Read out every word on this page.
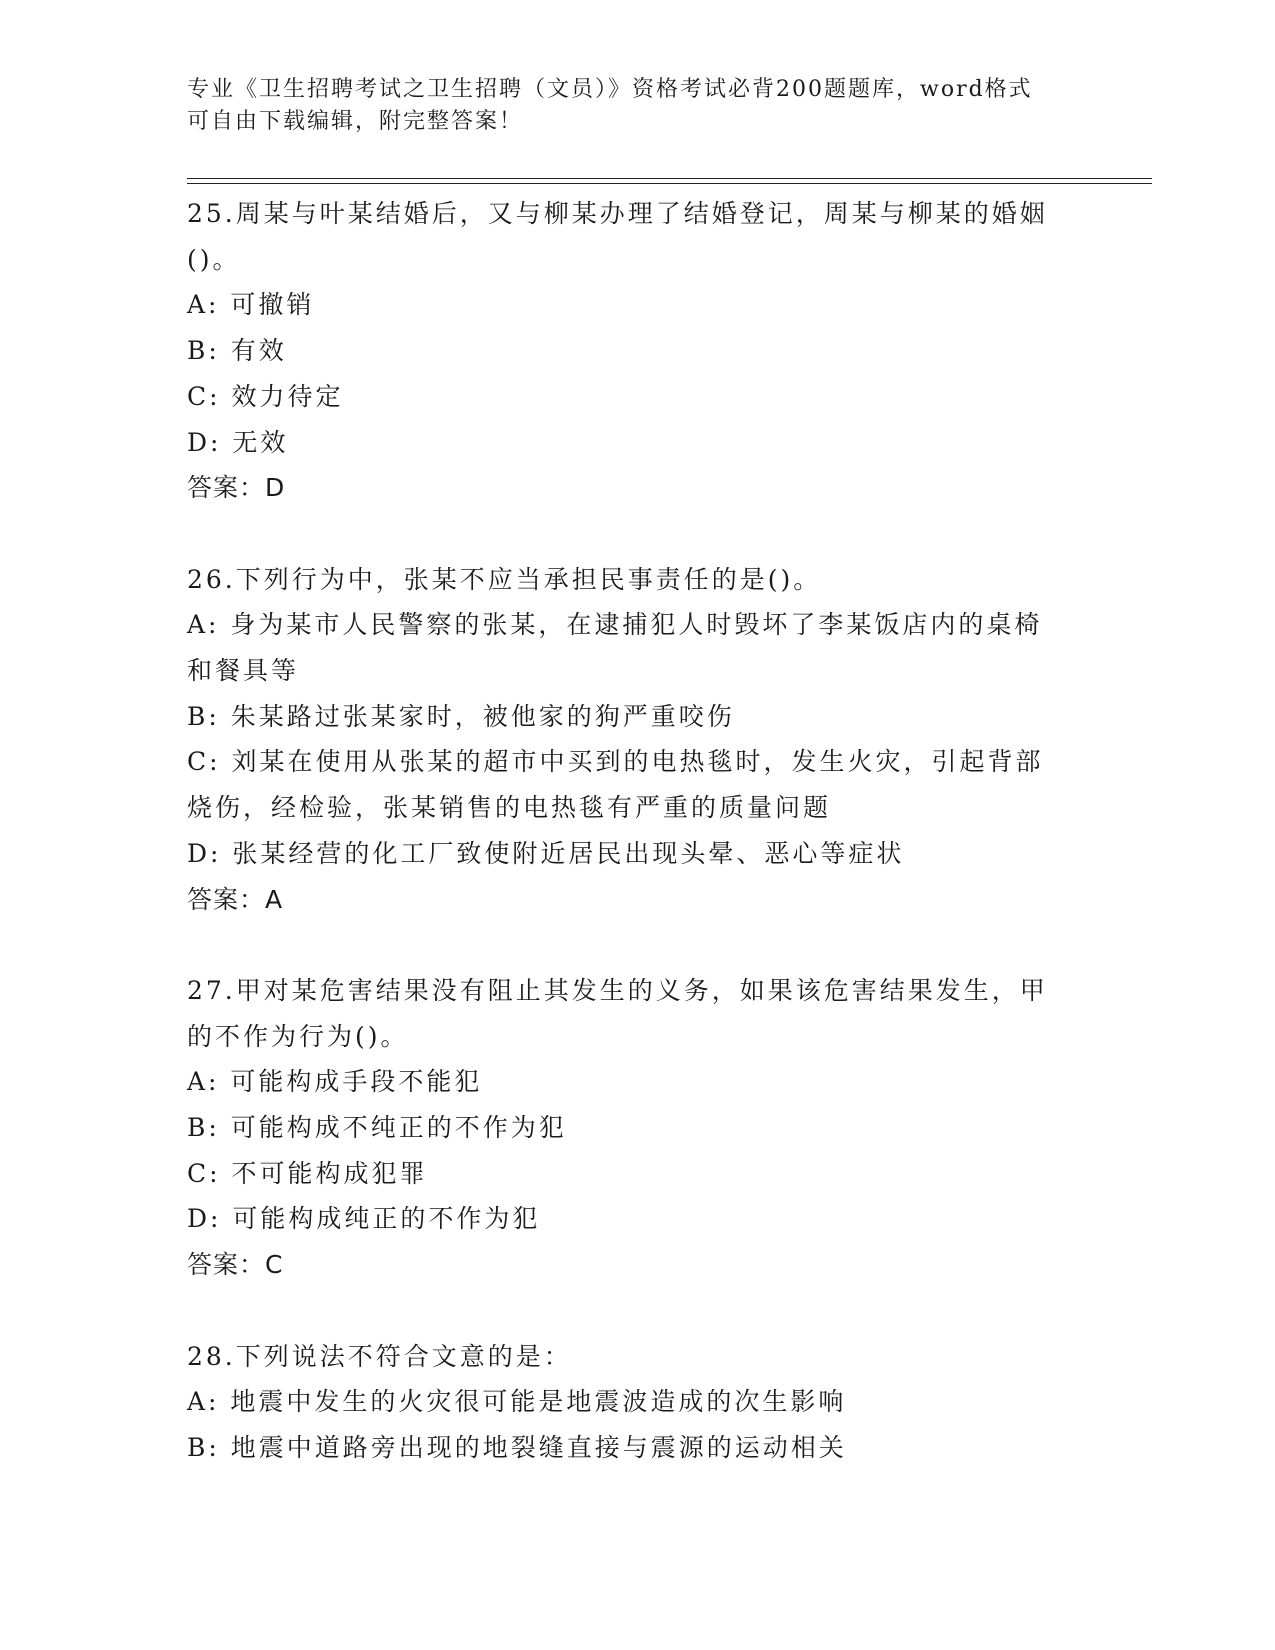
专业《卫生招聘考试之卫生招聘（文员）》资格考试必背200题题库，word格式
可自由下载编辑，附完整答案！
25.周某与叶某结婚后，又与柳某办理了结婚登记，周某与柳某的婚姻
()。
A: 可撤销
B: 有效
C: 效力待定
D: 无效
答案：D
26.下列行为中，张某不应当承担民事责任的是()。
A: 身为某市人民警察的张某，在逮捕犯人时毁坏了李某饭店内的桌椅
和餐具等
B: 朱某路过张某家时，被他家的狗严重咬伤
C: 刘某在使用从张某的超市中买到的电热毯时，发生火灾，引起背部
烧伤，经检验，张某销售的电热毯有严重的质量问题
D: 张某经营的化工厂致使附近居民出现头晕、恶心等症状
答案：A
27.甲对某危害结果没有阻止其发生的义务，如果该危害结果发生，甲
的不作为行为()。
A: 可能构成手段不能犯
B: 可能构成不纯正的不作为犯
C: 不可能构成犯罪
D: 可能构成纯正的不作为犯
答案：C
28.下列说法不符合文意的是：
A: 地震中发生的火灾很可能是地震波造成的次生影响
B: 地震中道路旁出现的地裂缝直接与震源的运动相关
